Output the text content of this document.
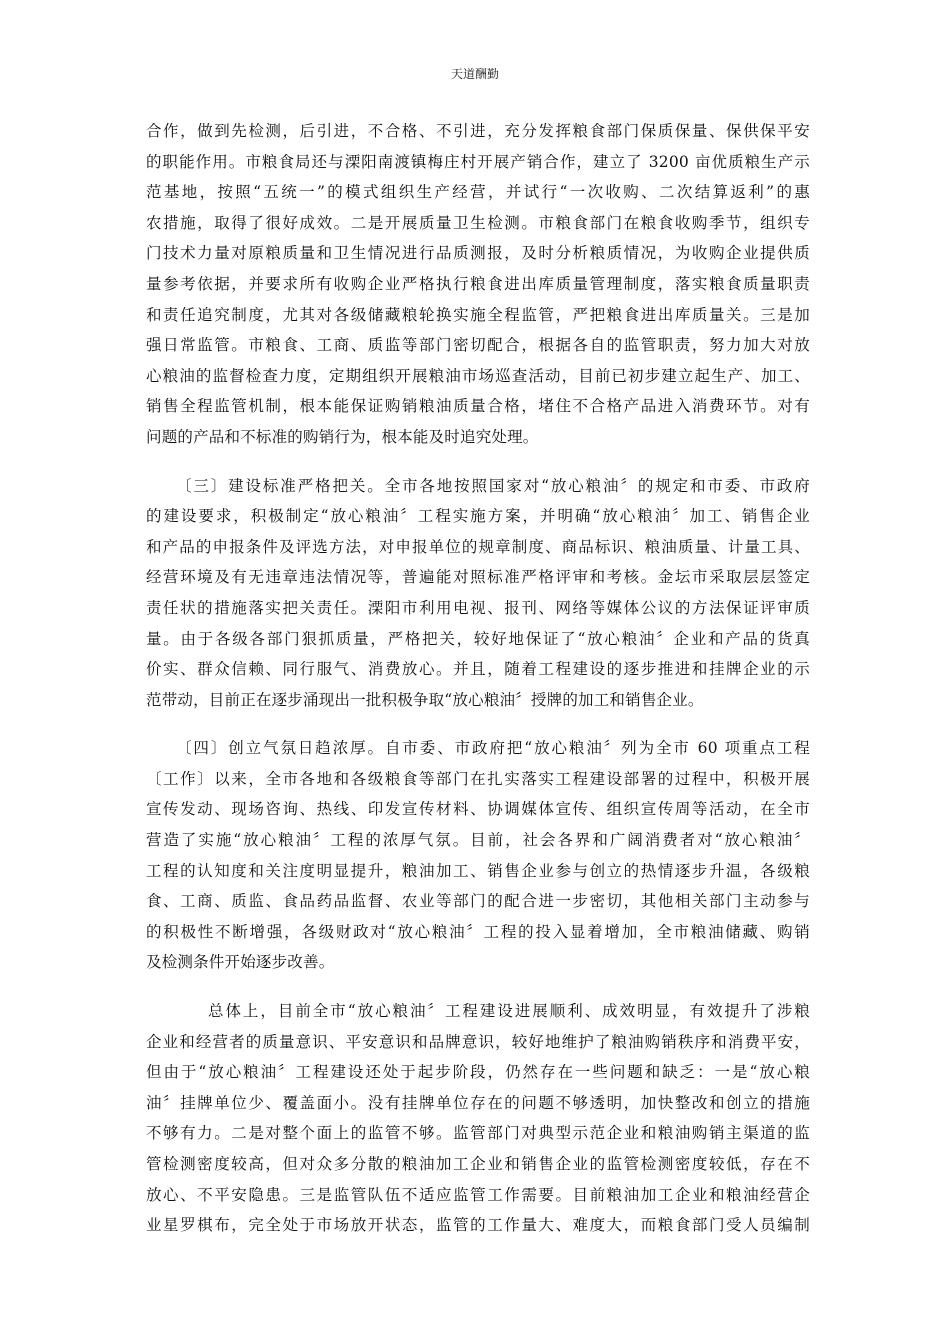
天道酬勤
合作，做到先检测，后引进，不合格、不引进，充分发挥粮食部门保质保量、保供保平安
的职能作用。市粮食局还与溧阳南渡镇梅庄村开展产销合作，建立了 3200 亩优质粮生产示
范基地，按照“五统一”的模式组织生产经营，并试行“一次收购、二次结算返利”的惠
农措施，取得了很好成效。二是开展质量卫生检测。市粮食部门在粮食收购季节，组织专
门技术力量对原粮质量和卫生情况进行品质测报，及时分析粮质情况，为收购企业提供质
量参考依据，并要求所有收购企业严格执行粮食进出库质量管理制度，落实粮食质量职责
和责任追究制度，尤其对各级储藏粮轮换实施全程监管，严把粮食进出库质量关。三是加
强日常监管。市粮食、工商、质监等部门密切配合，根据各自的监管职责，努力加大对放
心粮油的监督检查力度，定期组织开展粮油市场巡查活动，目前已初步建立起生产、加工、
销售全程监管机制，根本能保证购销粮油质量合格，堵住不合格产品进入消费环节。对有
问题的产品和不标准的购销行为，根本能及时追究处理。
〔三〕建设标准严格把关。全市各地按照国家对“放心粮油〞的规定和市委、市政府
的建设要求，积极制定“放心粮油〞工程实施方案，并明确“放心粮油〞加工、销售企业
和产品的申报条件及评选方法，对申报单位的规章制度、商品标识、粮油质量、计量工具、
经营环境及有无违章违法情况等，普遍能对照标准严格评审和考核。金坛市采取层层签定
责任状的措施落实把关责任。溧阳市利用电视、报刊、网络等媒体公议的方法保证评审质
量。由于各级各部门狠抓质量，严格把关，较好地保证了“放心粮油〞企业和产品的货真
价实、群众信赖、同行服气、消费放心。并且，随着工程建设的逐步推进和挂牌企业的示
范带动，目前正在逐步涌现出一批积极争取“放心粮油〞授牌的加工和销售企业。
〔四〕创立气氛日趋浓厚。自市委、市政府把“放心粮油〞列为全市 60 项重点工程
〔工作〕以来，全市各地和各级粮食等部门在扎实落实工程建设部署的过程中，积极开展
宣传发动、现场咨询、热线、印发宣传材料、协调媒体宣传、组织宣传周等活动，在全市
营造了实施“放心粮油〞工程的浓厚气氛。目前，社会各界和广阔消费者对“放心粮油〞
工程的认知度和关注度明显提升，粮油加工、销售企业参与创立的热情逐步升温，各级粮
食、工商、质监、食品药品监督、农业等部门的配合进一步密切，其他相关部门主动参与
的积极性不断增强，各级财政对“放心粮油〞工程的投入显着增加，全市粮油储藏、购销
及检测条件开始逐步改善。
总体上，目前全市“放心粮油〞工程建设进展顺利、成效明显，有效提升了涉粮
企业和经营者的质量意识、平安意识和品牌意识，较好地维护了粮油购销秩序和消费平安，
但由于“放心粮油〞工程建设还处于起步阶段，仍然存在一些问题和缺乏：一是“放心粮
油〞挂牌单位少、覆盖面小。没有挂牌单位存在的问题不够透明，加快整改和创立的措施
不够有力。二是对整个面上的监管不够。监管部门对典型示范企业和粮油购销主渠道的监
管检测密度较高，但对众多分散的粮油加工企业和销售企业的监管检测密度较低，存在不
放心、不平安隐患。三是监管队伍不适应监管工作需要。目前粮油加工企业和粮油经营企
业星罗棋布，完全处于市场放开状态，监管的工作量大、难度大，而粮食部门受人员编制
